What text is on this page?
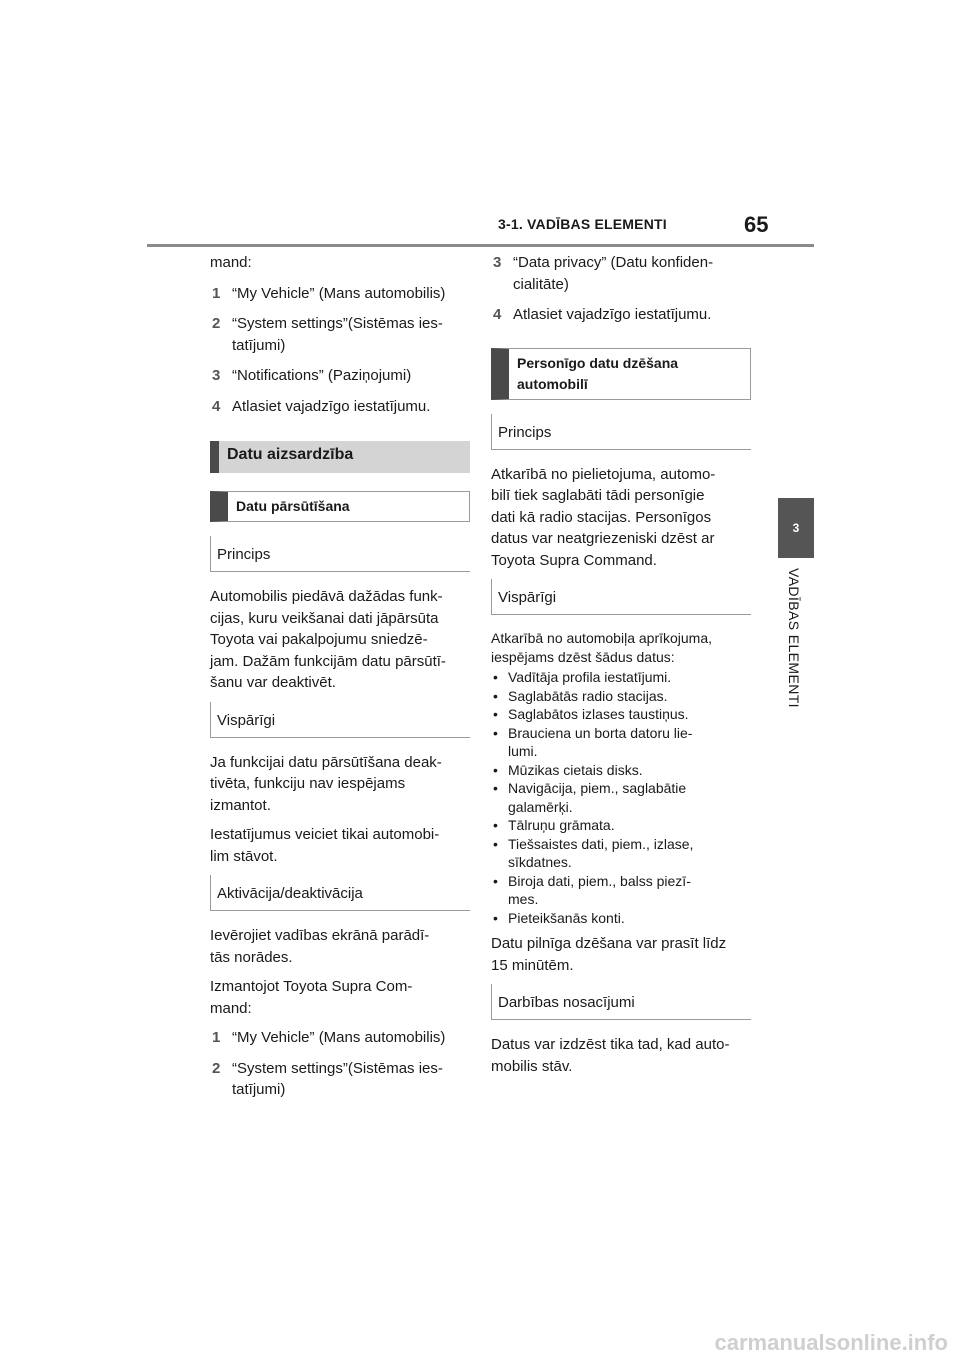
3-1. VADĪBAS ELEMENTI	65
3
VADĪBAS ELEMENTI
mand:
1 “My Vehicle” (Mans automobilis)
2 “System settings”(Sistēmas ies-
tatījumi)
3 “Notifications” (Paziņojumi)
4 Atlasiet vajadzīgo iestatījumu.
Datu aizsardzība
Datu pārsūtīšana
Princips
Automobilis piedāvā dažādas funk-
cijas, kuru veikšanai dati jāpārsūta
Toyota vai pakalpojumu sniedzē-
jam. Dažām funkcijām datu pārsūtī-
šanu var deaktivēt.
Vispārīgi
Ja funkcijai datu pārsūtīšana deak-
tivēta, funkciju nav iespējams
izmantot.
Iestatījumus veiciet tikai automobi-
lim stāvot.
Aktivācija/deaktivācija
Ievērojiet vadības ekrānā parādī-
tās norādes.
Izmantojot Toyota Supra Com-
mand:
1 “My Vehicle” (Mans automobilis)
2 “System settings”(Sistēmas ies-
tatījumi)
3 “Data privacy” (Datu konfiden-
cialitāte)
4 Atlasiet vajadzīgo iestatījumu.
Personīgo datu dzēšana
automobilī
Princips
Atkarībā no pielietojuma, automo-
bilī tiek saglabāti tādi personīgie
dati kā radio stacijas. Personīgos
datus var neatgriezeniski dzēst ar
Toyota Supra Command.
Vispārīgi
Atkarībā no automobiļa aprīkojuma,
iespējams dzēst šādus datus:
• Vadītāja profila iestatījumi.
• Saglabātās radio stacijas.
• Saglabātos izlases taustiņus.
• Brauciena un borta datoru lie-
lumi.
• Mūzikas cietais disks.
• Navigācija, piem., saglabātie
galamērķi.
• Tālruņu grāmata.
• Tiešsaistes dati, piem., izlase,
sīkdatnes.
• Biroja dati, piem., balss piezī-
mes.
• Pieteikšanās konti.
Datu pilnīga dzēšana var prasīt līdz
15 minūtēm.
Darbības nosacījumi
Datus var izdzēst tika tad, kad auto-
mobilis stāv.
carmanualsonline.info
